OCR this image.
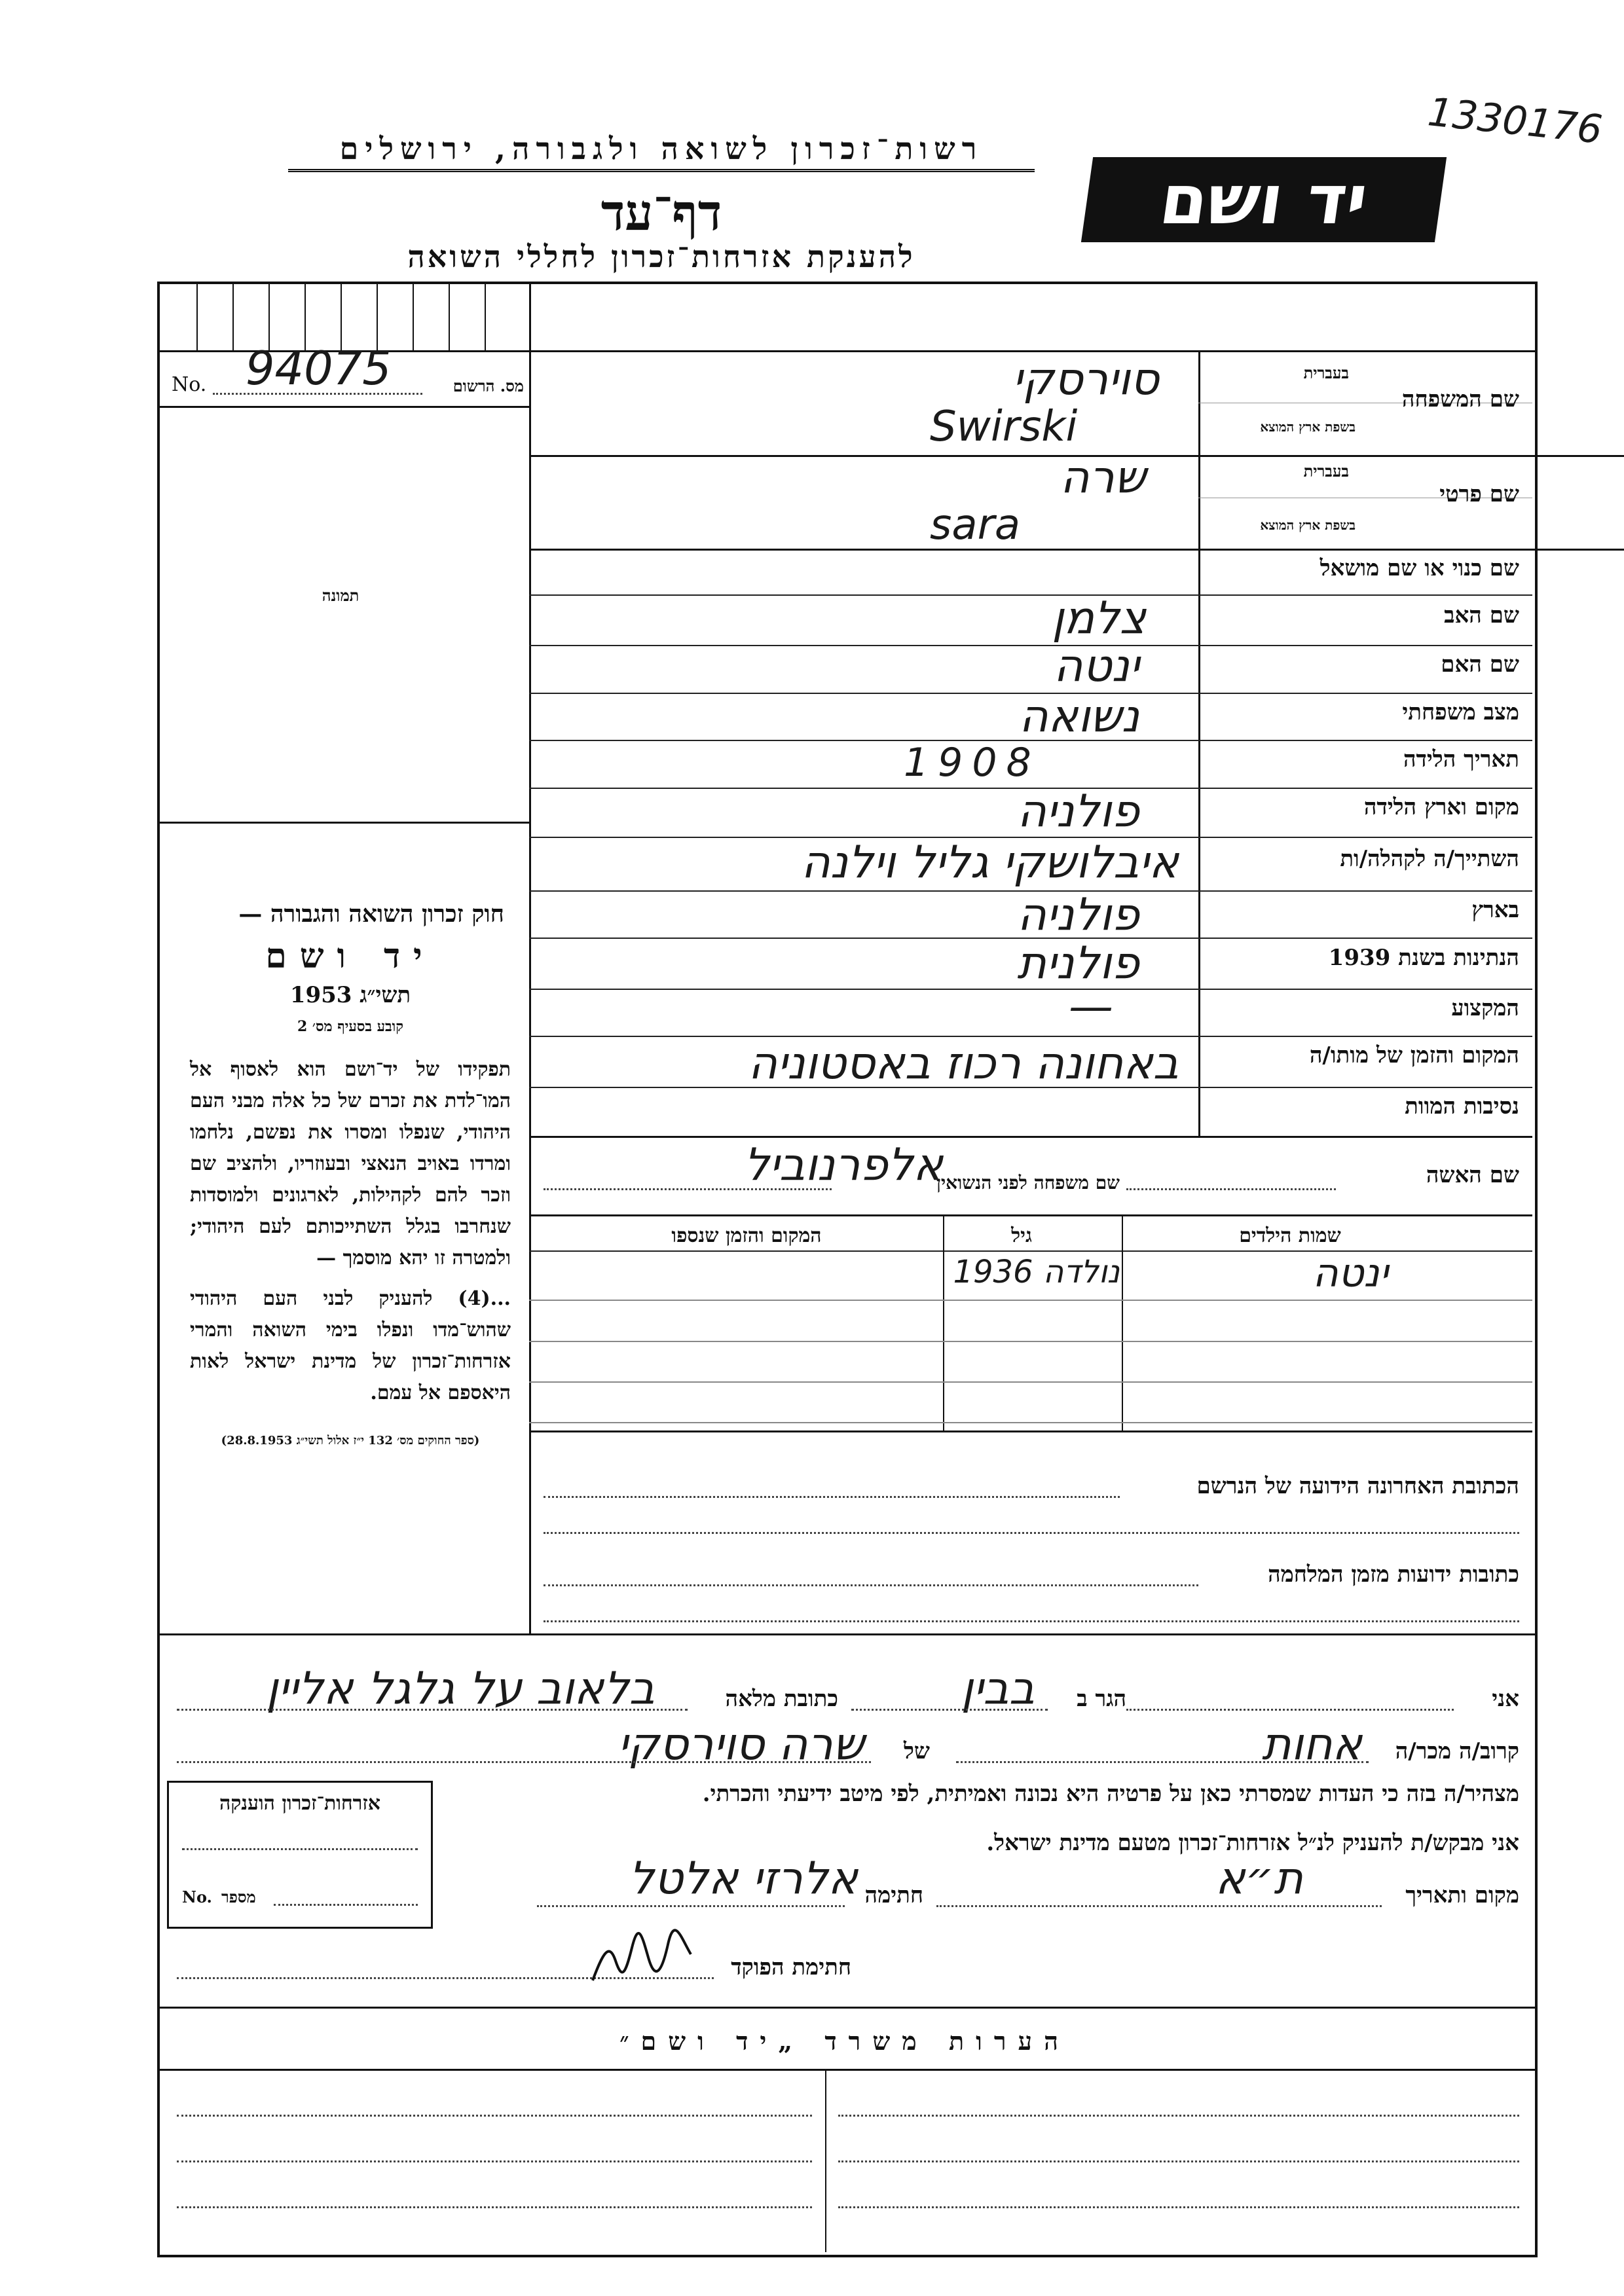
1330176
רשות־זכרון לשואה ולגבורה, ירושלים
דף־עד
להענקת אזרחות־זכרון לחללי השואה
יד ושם
מס. הרשום
No. 94075
תמונה
שם המשפחה
בעברית
בשפת ארץ המוצא
סוירסקי
Swirski
שם פרטי
בעברית
בשפת ארץ המוצא
שרה
sara
שם כנוי או שם מושאל
שם האב
צלמן
שם האם
ינטה
מצב משפחתי
נשואה
תאריך הלידה
1908
מקום וארץ הלידה
פולניה
השתייך/ה לקהלה/ות
איבלושקי גליל וילנה
בארץ
פולניה
הנתינות בשנת 1939
פולנית
המקצוע
—
המקום והזמן של מותו/ה
באחונה רכוז באסטוניה
נסיבות המוות
שם האשה
שם משפחה לפני הנשואין
אלפרנוביל
שמות הילדים
גיל
המקום והזמן שנספו
ינטה
נולדה 1936
הכתובת האחרונה הידועה של הנרשם
כתובות ידועות מזמן המלחמה
חוק זכרון השואה והגבורה —
יד ושם
תשי״ג 1953
קובע בסעיף מס׳ 2
תפקידו של יד־ושם הוא לאסוף אל המו־לדת את זכרם של כל אלה מבני העם היהודי, שנפלו ומסרו את נפשם, נלחמו ומרדו באויב הנאצי ובעוזריו, ולהציב שם וזכר להם לקהילות, לארגונים ולמוסדות שנחרבו בגלל השתייכותם לעם היהודי; ולמטרה זו יהא מוסמך —
...(4) להעניק לבני העם היהודי שהוש־מדו ונפלו בימי השואה והמרי אזרחות־זכרון של מדינת ישראל לאות היאספם אל עמם.
(ספר החוקים מס׳ 132 י״ז אלול תשי״ג 28.8.1953)
אני
הגר ב
בבין
כתובת מלאה
בלאוב על גלגל אליין
קרוב/ה מכר/ה
אחות
של
שרה סוירסקי
מצהיר/ה בזה כי העדות שמסרתי כאן על פרטיה היא נכונה ואמיתית, לפי מיטב ידיעתי והכרתי.
אני מבקש/ת להעניק לנ״ל אזרחות־זכרון מטעם מדינת ישראל.
מקום ותאריך
ת״א
חתימה
אלרזי אלטל
חתימת הפוקד
אזרחות־זכרון הוענקה
No. מספר
הערות משרד „יד ושם״
